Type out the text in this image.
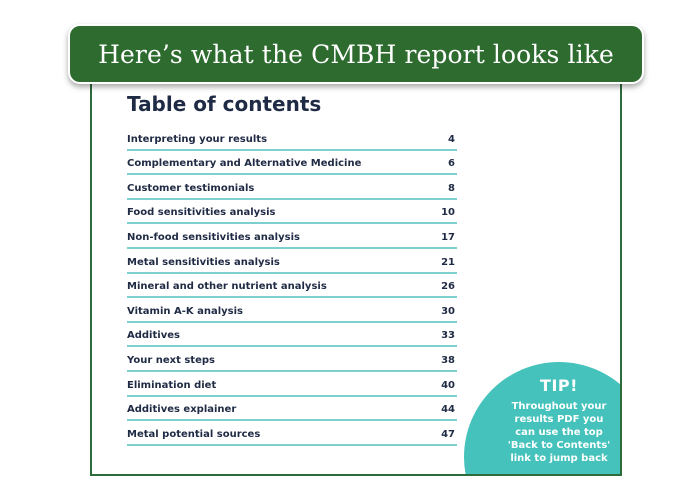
Table of contents
Interpreting your results	4
Complementary and Alternative Medicine	6
Customer testimonials	8
Food sensitivities analysis	10
Non-food sensitivities analysis	17
Metal sensitivities analysis	21
Mineral and other nutrient analysis	26
Vitamin A-K analysis	30
Additives	33
Your next steps	38
Elimination diet	40
Additives explainer	44
Metal potential sources	47
TIP!
Throughout your
results PDF you
can use the top
'Back to Contents'
link to jump back
Here’s what the CMBH report looks like
